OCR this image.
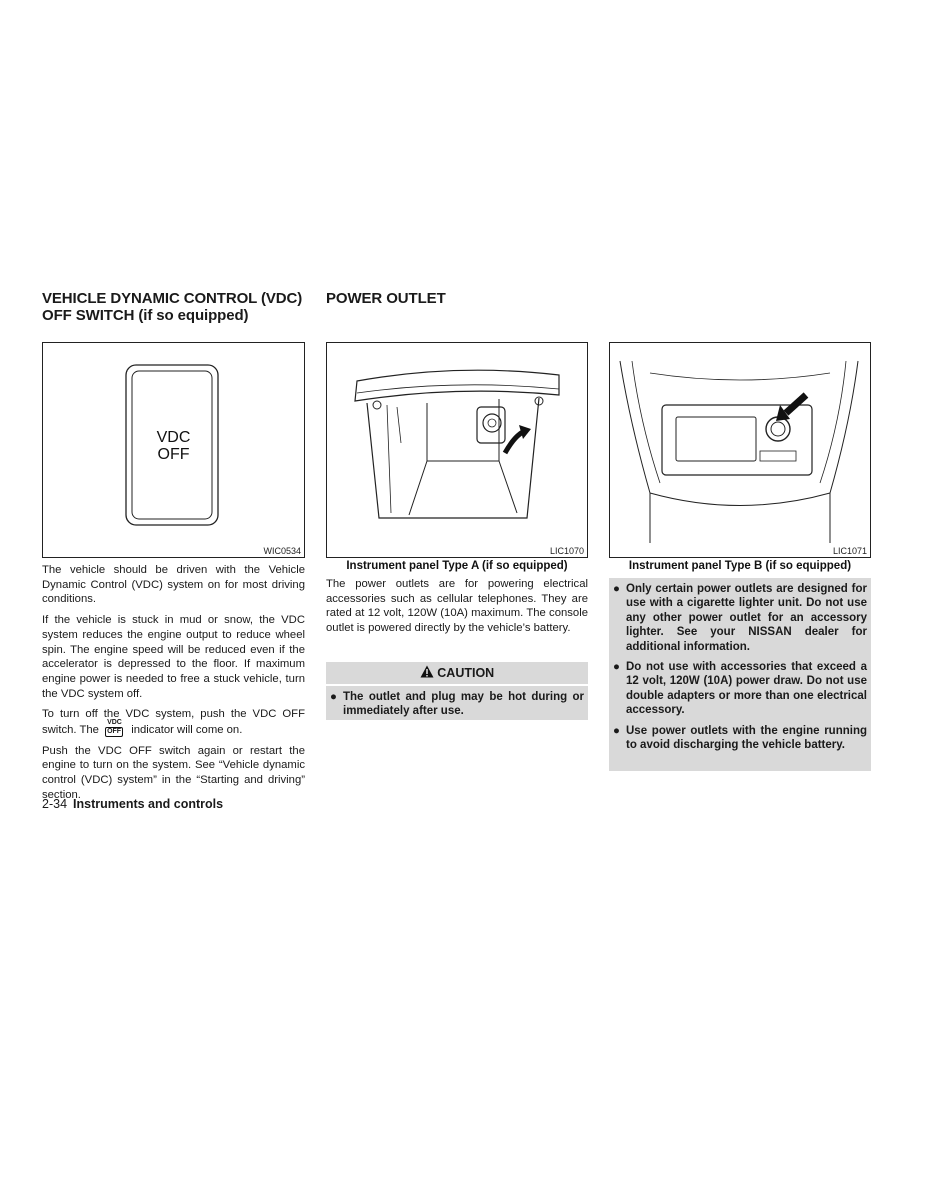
VEHICLE DYNAMIC CONTROL (VDC)
OFF SWITCH (if so equipped)
VDC
OFF
WIC0534

The vehicle should be driven with the Vehicle Dynamic Control (VDC) system on for most driving conditions.

If the vehicle is stuck in mud or snow, the VDC system reduces the engine output to reduce wheel spin. The engine speed will be reduced even if the accelerator is depressed to the floor. If maximum engine power is needed to free a stuck vehicle, turn the VDC system off.

To turn off the VDC system, push the VDC OFF switch. The
VDC
OFF indicator will come on.

Push the VDC OFF switch again or restart the engine to turn on the system. See “Vehicle dynamic control (VDC) system” in the “Starting and driving” section.

2-34 Instruments and controls
POWER OUTLET
LIC1070
Instrument panel Type A (if so equipped)

The power outlets are for powering electrical accessories such as cellular telephones. They are rated at 12 volt, 120W (10A) maximum. The console outlet is powered directly by the vehicle’s battery.

CAUTION
● The outlet and plug may be hot during or immediately after use.
LIC1071
Instrument panel Type B (if so equipped)
● Only certain power outlets are designed for use with a cigarette lighter unit. Do not use any other power outlet for an accessory lighter. See your NISSAN dealer for additional information.
● Do not use with accessories that exceed a 12 volt, 120W (10A) power draw. Do not use double adapters or more than one electrical accessory.
● Use power outlets with the engine running to avoid discharging the vehicle battery.
